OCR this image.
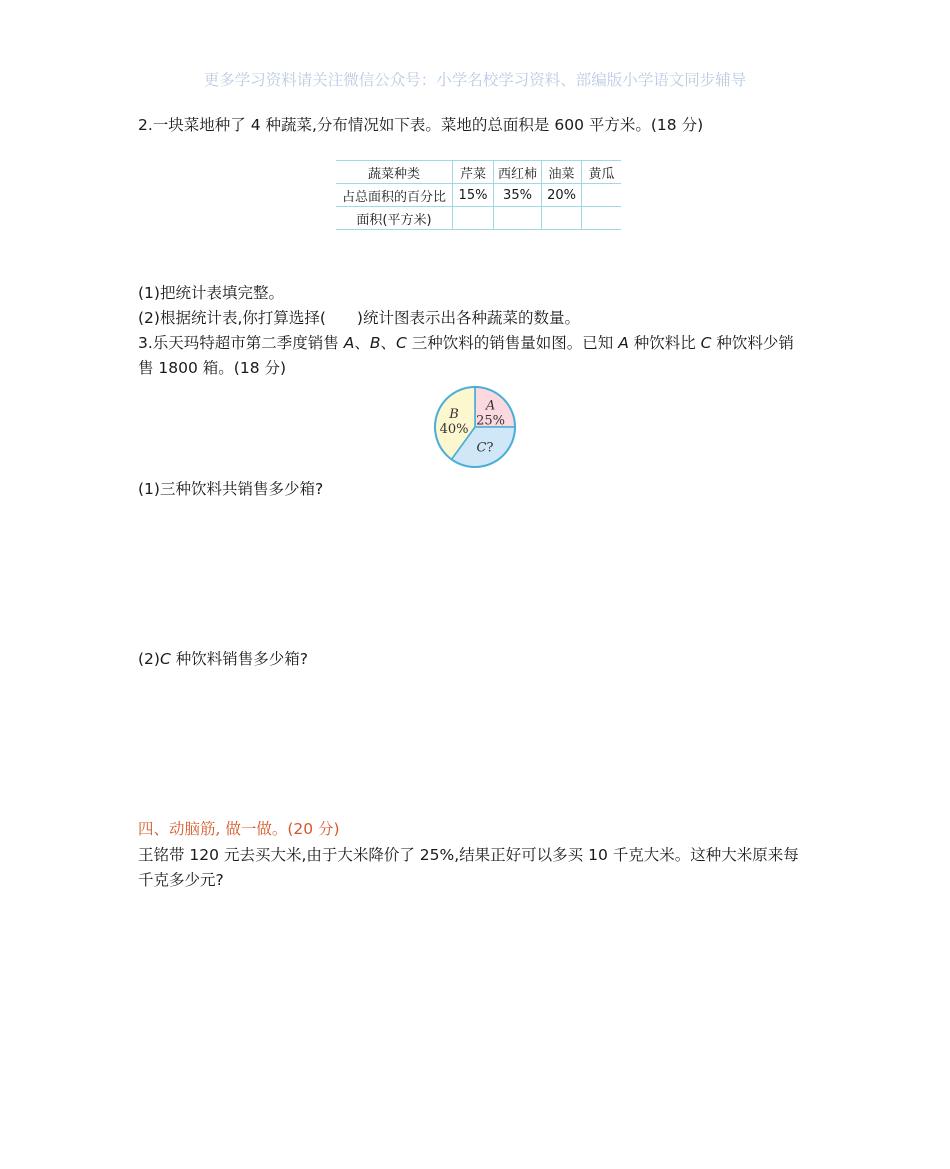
更多学习资料请关注微信公众号：小学名校学习资料、部编版小学语文同步辅导
2.一块菜地种了 4 种蔬菜,分布情况如下表。菜地的总面积是 600 平方米。(18 分)
蔬菜种类	芹菜	西红柿	油菜	黄瓜
占总面积的百分比	15%	35%	20%	
面积(平方米)				
(1)把统计表填完整。
(2)根据统计表,你打算选择(　　)统计图表示出各种蔬菜的数量。
3.乐天玛特超市第二季度销售 A、B、C 三种饮料的销售量如图。已知 A 种饮料比 C 种饮料少销
售 1800 箱。(18 分)
A
25%
C?
B
40%
(1)三种饮料共销售多少箱?
(2)C 种饮料销售多少箱?
四、动脑筋, 做一做。(20 分)
王铭带 120 元去买大米,由于大米降价了 25%,结果正好可以多买 10 千克大米。这种大米原来每
千克多少元?
